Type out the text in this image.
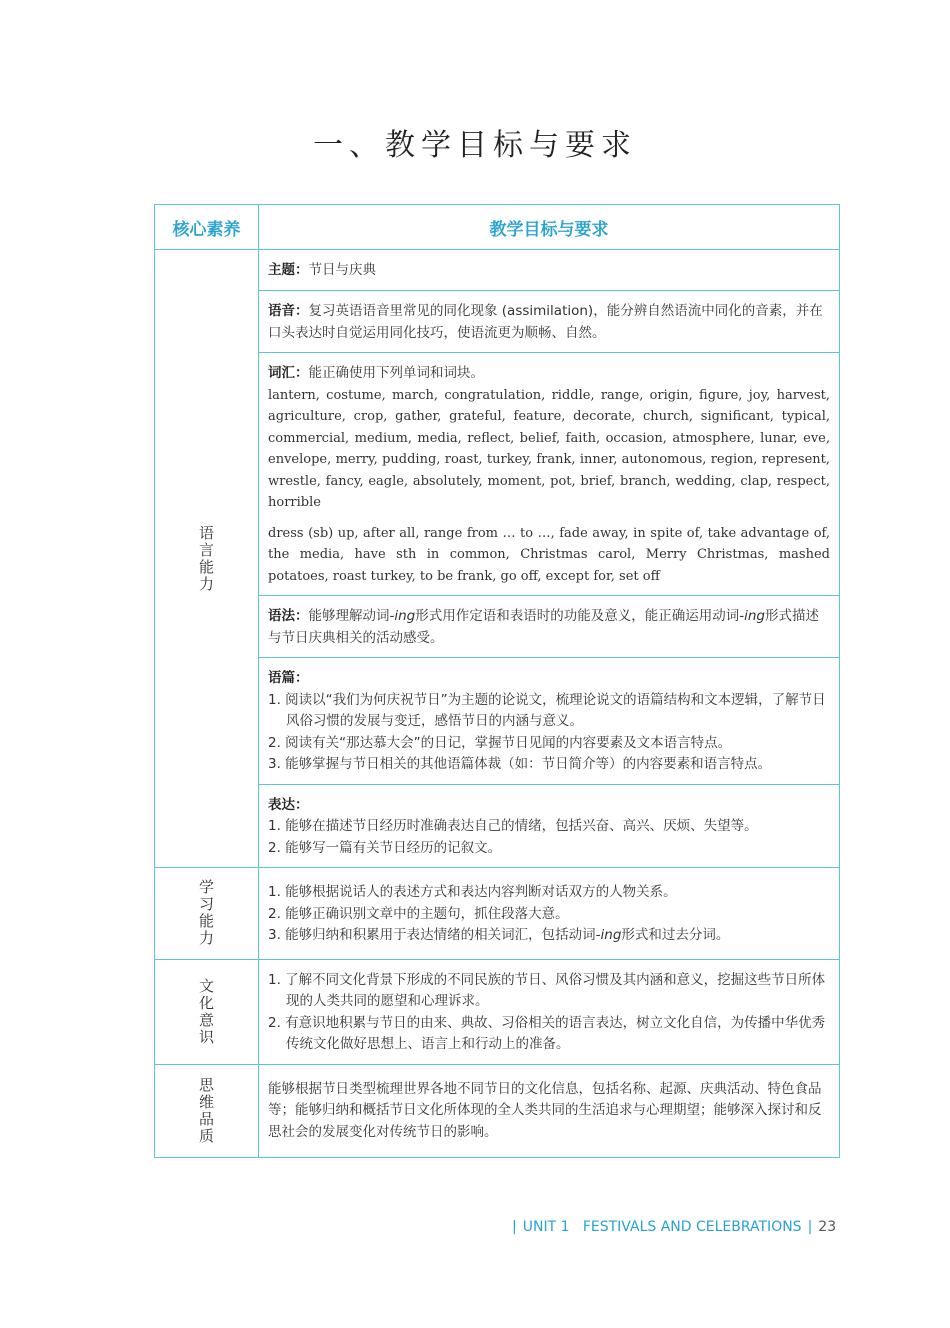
一、教学目标与要求
核心素养	教学目标与要求
语言能力	主题：节日与庆典

	语音：复习英语语音里常见的同化现象 (assimilation)，能分辨自然语流中同化的音素，并在口头表达时自觉运用同化技巧，使语流更为顺畅、自然。

	词汇：能正确使用下列单词和词块。

lantern, costume, march, congratulation, riddle, range, origin, figure, joy, harvest, agriculture, crop, gather, grateful, feature, decorate, church, significant, typical, commercial, medium, media, reflect, belief, faith, occasion, atmosphere, lunar, eve, envelope, merry, pudding, roast, turkey, frank, inner, autonomous, region, represent, wrestle, fancy, eagle, absolutely, moment, pot, brief, branch, wedding, clap, respect, horrible

dress (sb) up, after all, range from … to …, fade away, in spite of, take advantage of, the media, have sth in common, Christmas carol, Merry Christmas, mashed potatoes, roast turkey, to be frank, go off, except for, set off

	语法：能够理解动词-ing形式用作定语和表语时的功能及意义，能正确运用动词-ing形式描述与节日庆典相关的活动感受。

	语篇：
1. 阅读以“我们为何庆祝节日”为主题的论说文，梳理论说文的语篇结构和文本逻辑，了解节日风俗习惯的发展与变迁，感悟节日的内涵与意义。
2. 阅读有关“那达慕大会”的日记，掌握节日见闻的内容要素及文本语言特点。
3. 能够掌握与节日相关的其他语篇体裁（如：节日简介等）的内容要素和语言特点。

	表达：
1. 能够在描述节日经历时准确表达自己的情绪，包括兴奋、高兴、厌烦、失望等。
2. 能够写一篇有关节日经历的记叙文。

学习能力	1. 能够根据说话人的表述方式和表达内容判断对话双方的人物关系。
2. 能够正确识别文章中的主题句，抓住段落大意。
3. 能够归纳和积累用于表达情绪的相关词汇，包括动词-ing形式和过去分词。

文化意识	1. 了解不同文化背景下形成的不同民族的节日、风俗习惯及其内涵和意义，挖掘这些节日所体现的人类共同的愿望和心理诉求。
2. 有意识地积累与节日的由来、典故、习俗相关的语言表达，树立文化自信，为传播中华优秀传统文化做好思想上、语言上和行动上的准备。

思维品质	能够根据节日类型梳理世界各地不同节日的文化信息，包括名称、起源、庆典活动、特色食品等；能够归纳和概括节日文化所体现的全人类共同的生活追求与心理期望；能够深入探讨和反思社会的发展变化对传统节日的影响。
| UNIT 1 FESTIVALS AND CELEBRATIONS | 23
